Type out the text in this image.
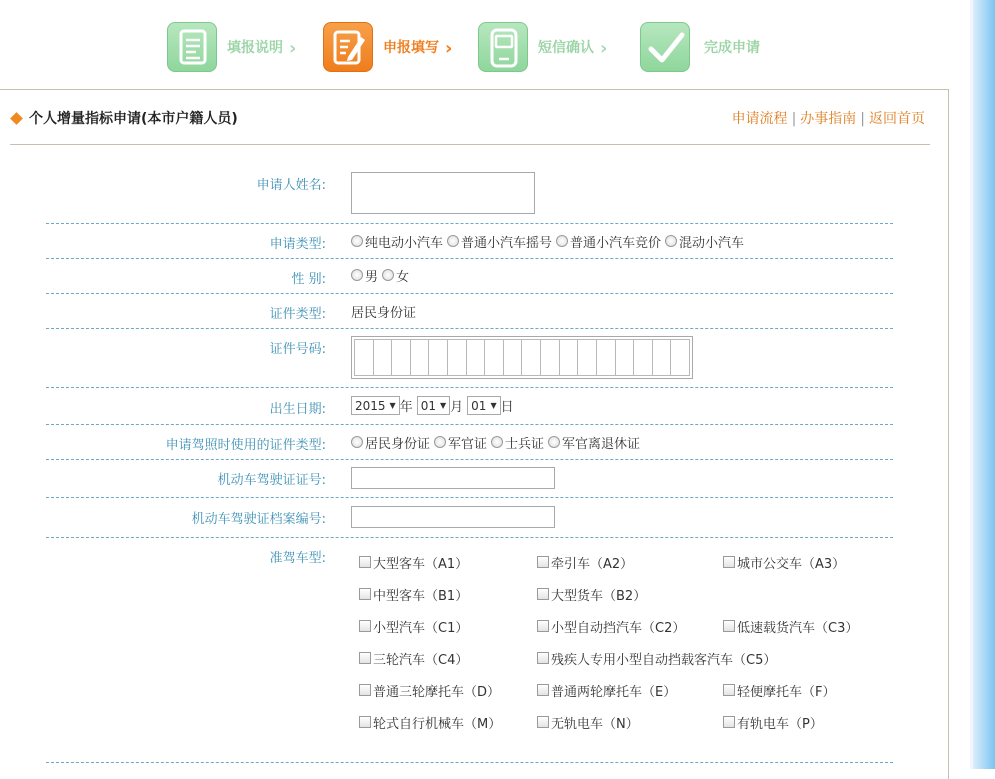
填报说明 ›	申报填写 ›	短信确认 ›	完成申请
个人增量指标申请(本市户籍人员)	申请流程 | 办事指南 | 返回首页
申请人姓名:
申请类型:	纯电动小汽车 普通小汽车摇号 普通小汽车竞价 混动小汽车
性 别:	男 女
证件类型: 居民身份证
证件号码:
出生日期: 2015 ▼ 年 01 ▼ 月 01 ▼ 日
申请驾照时使用的证件类型:	居民身份证 军官证 士兵证 军官离退休证
机动车驾驶证证号:
机动车驾驶证档案编号:
准驾车型:	大型客车（A1）	牵引车（A2）	城市公交车（A3）
中型客车（B1）	大型货车（B2）
小型汽车（C1）	小型自动挡汽车（C2）	低速载货汽车（C3）
三轮汽车（C4）	残疾人专用小型自动挡载客汽车（C5）
普通三轮摩托车（D）	普通两轮摩托车（E）	轻便摩托车（F）
轮式自行机械车（M）	无轨电车（N）	有轨电车（P）
